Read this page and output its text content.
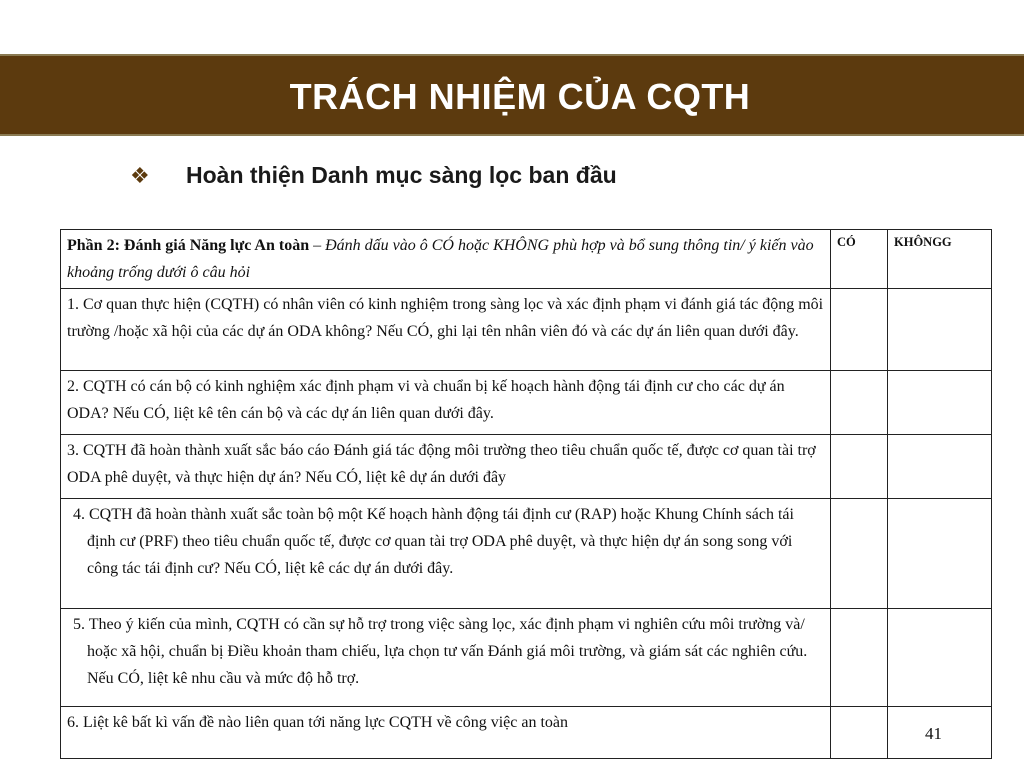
TRÁCH NHIỆM CỦA CQTH
❖	Hoàn thiện Danh mục sàng lọc ban đầu
Phần 2: Đánh giá Năng lực An toàn – Đánh dấu vào ô CÓ hoặc KHÔNG phù hợp và bổ sung thông tin/ ý kiến vào khoảng trống dưới ô câu hỏi	CÓ	KHÔNGG
1. Cơ quan thực hiện (CQTH) có nhân viên có kinh nghiệm trong sàng lọc và xác định phạm vi đánh giá tác động môi trường /hoặc xã hội của các dự án ODA không? Nếu CÓ, ghi lại tên nhân viên đó và các dự án liên quan dưới đây.		
2. CQTH có cán bộ có kinh nghiệm xác định phạm vi và chuẩn bị kế hoạch hành động tái định cư cho các dự án ODA? Nếu CÓ, liệt kê tên cán bộ và các dự án liên quan dưới đây.		
3. CQTH đã hoàn thành xuất sắc báo cáo Đánh giá tác động môi trường theo tiêu chuẩn quốc tế, được cơ quan tài trợ ODA phê duyệt, và thực hiện dự án? Nếu CÓ, liệt kê dự án dưới đây		

4. CQTH đã hoàn thành xuất sắc toàn bộ một Kế hoạch hành động tái định cư (RAP) hoặc Khung Chính sách tái định cư (PRF) theo tiêu chuẩn quốc tế, được cơ quan tài trợ ODA phê duyệt, và thực hiện dự án song song với công tác tái định cư? Nếu CÓ, liệt kê các dự án dưới đây.		

5. Theo ý kiến của mình, CQTH có cần sự hỗ trợ trong việc sàng lọc, xác định phạm vi nghiên cứu môi trường và/ hoặc xã hội, chuẩn bị Điều khoản tham chiếu, lựa chọn tư vấn Đánh giá môi trường, và giám sát các nghiên cứu. Nếu CÓ, liệt kê nhu cầu và mức độ hỗ trợ.		

6. Liệt kê bất kì vấn đề nào liên quan tới năng lực CQTH về công việc an toàn		
41
